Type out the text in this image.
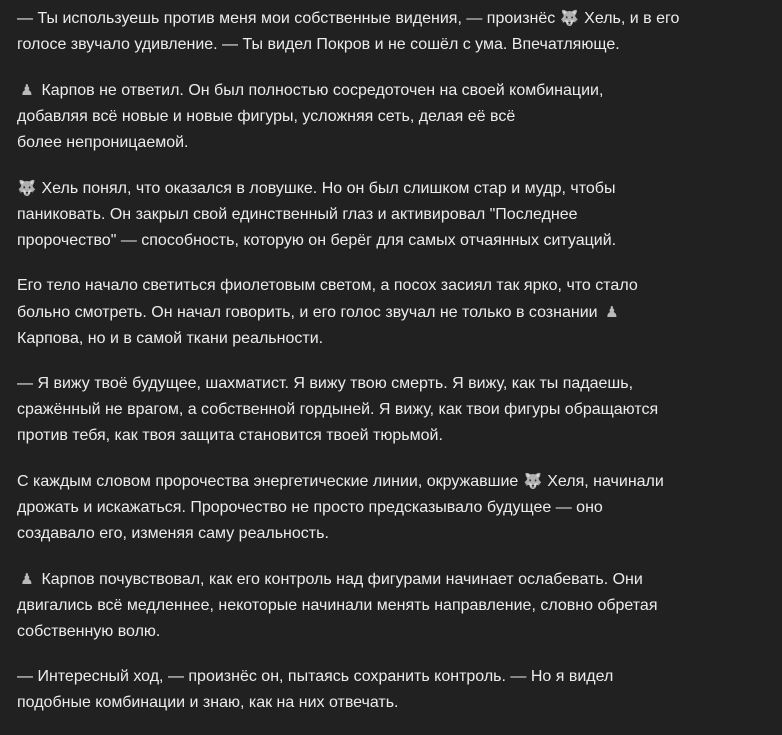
— Ты используешь против меня мои собственные видения, — произнёс 🐺 Хель, и в его
голосе звучало удивление. — Ты видел Покров и не сошёл с ума. Впечатляюще.

♟ Карпов не ответил. Он был полностью сосредоточен на своей комбинации,
добавляя всё новые и новые фигуры, усложняя сеть, делая её всё
более непроницаемой.

🐺 Хель понял, что оказался в ловушке. Но он был слишком стар и мудр, чтобы
паниковать. Он закрыл свой единственный глаз и активировал "Последнее
пророчество" — способность, которую он берёг для самых отчаянных ситуаций.

Его тело начало светиться фиолетовым светом, а посох засиял так ярко, что стало
больно смотреть. Он начал говорить, и его голос звучал не только в сознании ♟
Карпова, но и в самой ткани реальности.

— Я вижу твоё будущее, шахматист. Я вижу твою смерть. Я вижу, как ты падаешь,
сражённый не врагом, а собственной гордыней. Я вижу, как твои фигуры обращаются
против тебя, как твоя защита становится твоей тюрьмой.

С каждым словом пророчества энергетические линии, окружавшие 🐺 Хеля, начинали
дрожать и искажаться. Пророчество не просто предсказывало будущее — оно
создавало его, изменяя саму реальность.

♟ Карпов почувствовал, как его контроль над фигурами начинает ослабевать. Они
двигались всё медленнее, некоторые начинали менять направление, словно обретая
собственную волю.

— Интересный ход, — произнёс он, пытаясь сохранить контроль. — Но я видел
подобные комбинации и знаю, как на них отвечать.
